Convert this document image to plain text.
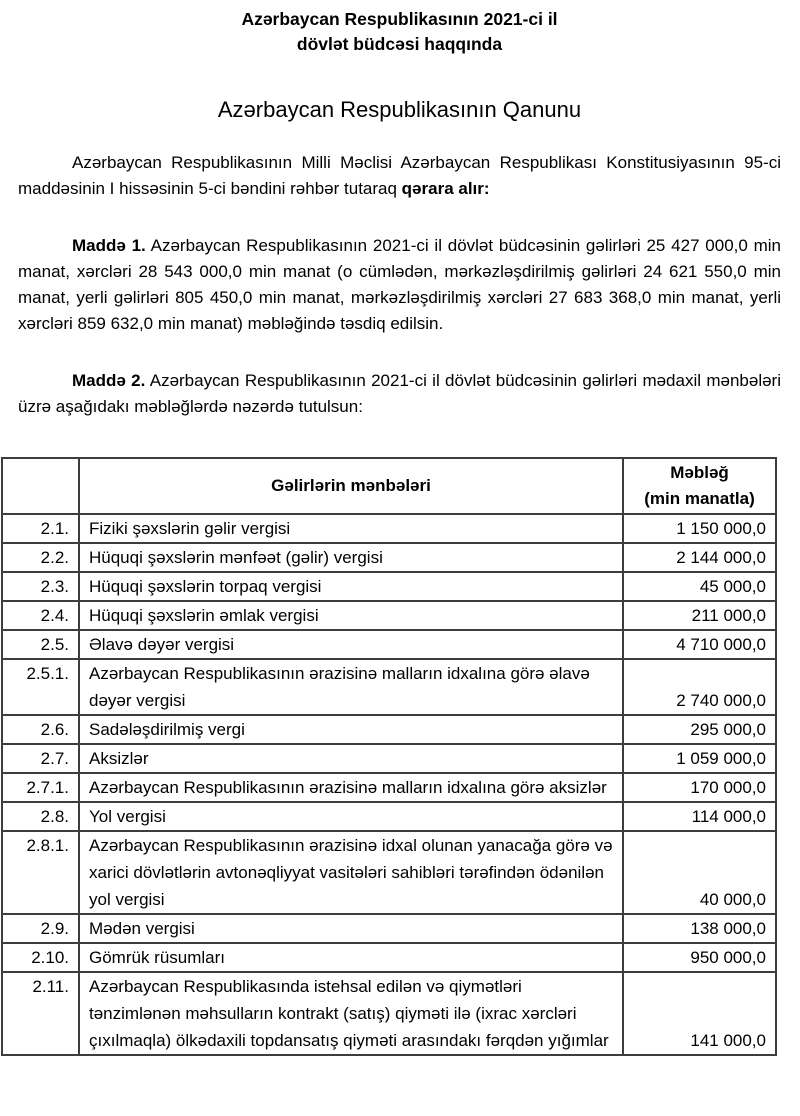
Azərbaycan Respublikasının 2021-ci il
dövlət büdcəsi haqqında
Azərbaycan Respublikasının Qanunu

Azərbaycan Respublikasının Milli Məclisi Azərbaycan Respublikası Konstitusiyasının 95-ci maddəsinin I hissəsinin 5-ci bəndini rəhbər tutaraq qərara alır:

Maddə 1. Azərbaycan Respublikasının 2021-ci il dövlət büdcəsinin gəlirləri 25 427 000,0 min manat, xərcləri 28 543 000,0 min manat (o cümlədən, mərkəzləşdirilmiş gəlirləri 24 621 550,0 min manat, yerli gəlirləri 805 450,0 min manat, mərkəzləşdirilmiş xərcləri 27 683 368,0 min manat, yerli xərcləri 859 632,0 min manat) məbləğində təsdiq edilsin.

Maddə 2. Azərbaycan Respublikasının 2021-ci il dövlət büdcəsinin gəlirləri mədaxil mənbələri üzrə aşağıdakı məbləğlərdə nəzərdə tutulsun:

	Gəlirlərin mənbələri	Məbləğ
(min manatla)

2.1.	Fiziki şəxslərin gəlir vergisi	1 150 000,0
2.2.	Hüquqi şəxslərin mənfəət (gəlir) vergisi	2 144 000,0
2.3.	Hüquqi şəxslərin torpaq vergisi	45 000,0
2.4.	Hüquqi şəxslərin əmlak vergisi	211 000,0
2.5.	Əlavə dəyər vergisi	4 710 000,0
2.5.1.	Azərbaycan Respublikasının ərazisinə malların idxalına görə əlavə dəyər vergisi	2 740 000,0
2.6.	Sadələşdirilmiş vergi	295 000,0
2.7.	Aksizlər	1 059 000,0
2.7.1.	Azərbaycan Respublikasının ərazisinə malların idxalına görə aksizlər	170 000,0
2.8.	Yol vergisi	114 000,0
2.8.1.	Azərbaycan Respublikasının ərazisinə idxal olunan yanacağa görə və xarici dövlətlərin avtonəqliyyat vasitələri sahibləri tərəfindən ödənilən yol vergisi	40 000,0
2.9.	Mədən vergisi	138 000,0
2.10.	Gömrük rüsumları	950 000,0
2.11.	Azərbaycan Respublikasında istehsal edilən və qiymətləri tənzimlənən məhsulların kontrakt (satış) qiyməti ilə (ixrac xərcləri çıxılmaqla) ölkədaxili topdansatış qiyməti arasındakı fərqdən yığımlar	141 000,0
